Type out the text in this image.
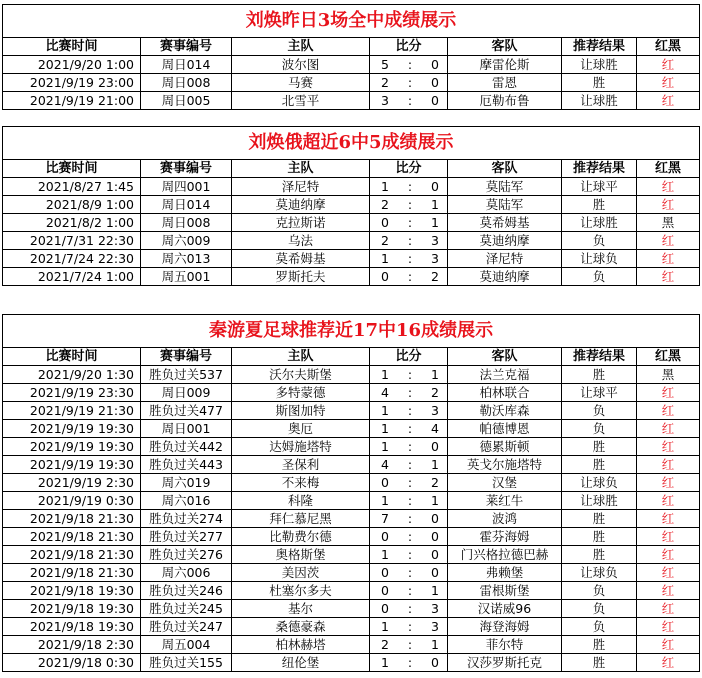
刘焕昨日3场全中成绩展示						
比赛时间	赛事编号	主队	比分	客队	推荐结果	红黑
2021/9/20 1:00	周日014	波尔图	5 : 0	摩雷伦斯	让球胜	红
2021/9/19 23:00	周日008	马赛	2 : 0	雷恩	胜	红
2021/9/19 21:00	周日005	北雪平	3 : 0	厄勒布鲁	让球胜	红
刘焕俄超近6中5成绩展示						
比赛时间	赛事编号	主队	比分	客队	推荐结果	红黑
2021/8/27 1:45	周四001	泽尼特	1 : 0	莫陆军	让球平	红
2021/8/9 1:00	周日014	莫迪纳摩	2 : 1	莫陆军	胜	红
2021/8/2 1:00	周日008	克拉斯诺	0 : 1	莫希姆基	让球胜	黑
2021/7/31 22:30	周六009	乌法	2 : 3	莫迪纳摩	负	红
2021/7/24 22:30	周六013	莫希姆基	1 : 3	泽尼特	让球负	红
2021/7/24 1:00	周五001	罗斯托夫	0 : 2	莫迪纳摩	负	红
秦游夏足球推荐近17中16成绩展示						
比赛时间	赛事编号	主队	比分	客队	推荐结果	红黑
2021/9/20 1:30	胜负过关537	沃尔夫斯堡	1 : 1	法兰克福	胜	黑
2021/9/19 23:30	周日009	多特蒙德	4 : 2	柏林联合	让球平	红
2021/9/19 21:30	胜负过关477	斯图加特	1 : 3	勒沃库森	负	红
2021/9/19 19:30	周日001	奥厄	1 : 4	帕德博恩	负	红
2021/9/19 19:30	胜负过关442	达姆施塔特	1 : 0	德累斯顿	胜	红
2021/9/19 19:30	胜负过关443	圣保利	4 : 1	英戈尔施塔特	胜	红
2021/9/19 2:30	周六019	不来梅	0 : 2	汉堡	让球负	红
2021/9/19 0:30	周六016	科隆	1 : 1	莱红牛	让球胜	红
2021/9/18 21:30	胜负过关274	拜仁慕尼黑	7 : 0	波鸿	胜	红
2021/9/18 21:30	胜负过关277	比勒费尔德	0 : 0	霍芬海姆	胜	红
2021/9/18 21:30	胜负过关276	奥格斯堡	1 : 0	门兴格拉德巴赫	胜	红
2021/9/18 21:30	周六006	美因茨	0 : 0	弗赖堡	让球负	红
2021/9/18 19:30	胜负过关246	杜塞尔多夫	0 : 1	雷根斯堡	负	红
2021/9/18 19:30	胜负过关245	基尔	0 : 3	汉诺威96	负	红
2021/9/18 19:30	胜负过关247	桑德豪森	1 : 3	海登海姆	负	红
2021/9/18 2:30	周五004	柏林赫塔	2 : 1	菲尔特	胜	红
2021/9/18 0:30	胜负过关155	纽伦堡	1 : 0	汉莎罗斯托克	胜	红
